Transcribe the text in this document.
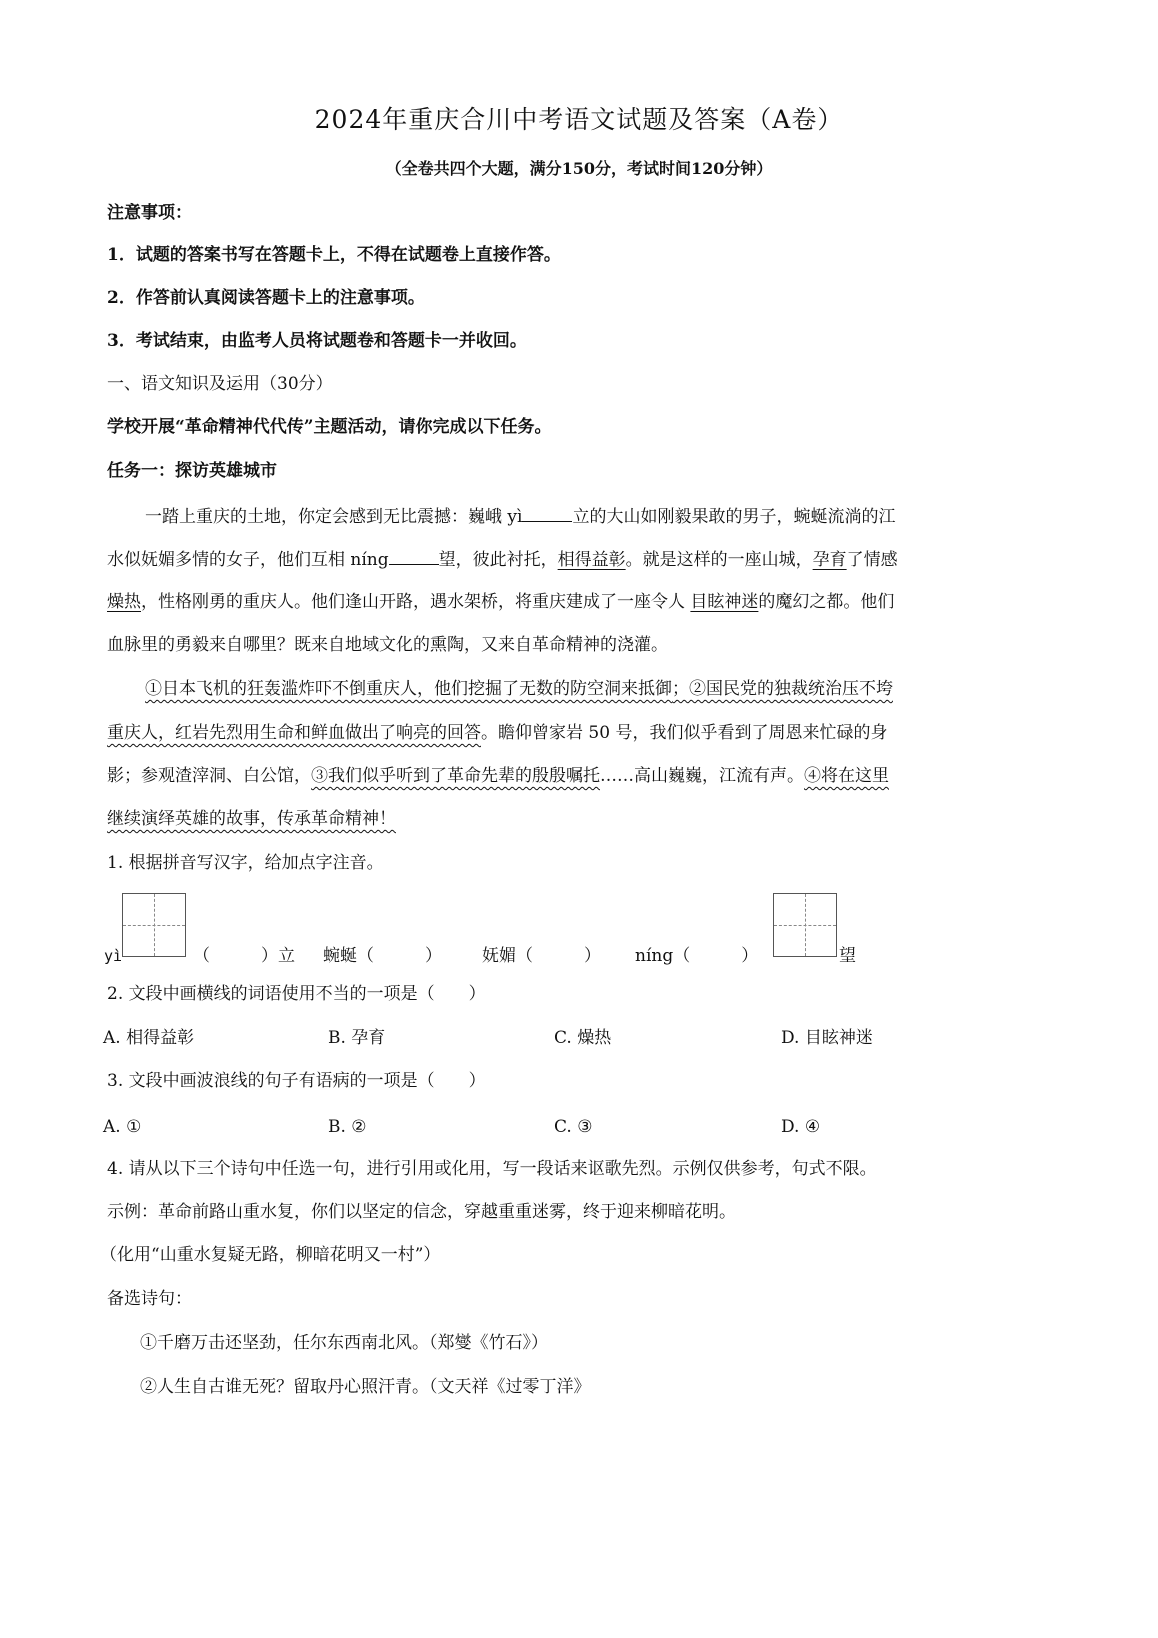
2024年重庆合川中考语文试题及答案（A卷）
（全卷共四个大题，满分150分，考试时间120分钟）
注意事项：
1．试题的答案书写在答题卡上，不得在试题卷上直接作答。
2．作答前认真阅读答题卡上的注意事项。
3．考试结束，由监考人员将试题卷和答题卡一并收回。
一、语文知识及运用（30分）
学校开展“革命精神代代传”主题活动，请你完成以下任务。
任务一：探访英雄城市
一踏上重庆的土地，你定会感到无比震撼：巍峨 yì	立的大山如刚毅果敢的男子，蜿蜒流淌的江
水似妩媚多情的女子，他们互相 níng	望，彼此衬托，相得益彰。就是这样的一座山城，孕育了情感
燥热，性格刚勇的重庆人。他们逢山开路，遇水架桥，将重庆建成了一座令人 目眩神迷的魔幻之都。他们
血脉里的勇毅来自哪里？既来自地域文化的熏陶，又来自革命精神的浇灌。
①日本飞机的狂轰滥炸吓不倒重庆人，他们挖掘了无数的防空洞来抵御；②国民党的独裁统治压不垮
重庆人，红岩先烈用生命和鲜血做出了响亮的回答。瞻仰曾家岩 50 号，我们似乎看到了周恩来忙碌的身
影；参观渣滓洞、白公馆，③我们似乎听到了革命先辈的殷殷嘱托……高山巍巍，江流有声。④将在这里
继续演绎英雄的故事，传承革命精神！
1. 根据拼音写汉字，给加点字注音。
yì	（　　　）立 蜿蜒（　　　） 妩媚（　　　） níng（　　　）	望
2. 文段中画横线的词语使用不当的一项是（　　）
A. 相得益彰	B. 孕育	C. 燥热	D. 目眩神迷
3. 文段中画波浪线的句子有语病的一项是（　　）
A. ①	B. ②	C. ③	D. ④
4. 请从以下三个诗句中任选一句，进行引用或化用，写一段话来讴歌先烈。示例仅供参考，句式不限。
示例：革命前路山重水复，你们以坚定的信念，穿越重重迷雾，终于迎来柳暗花明。
（化用“山重水复疑无路，柳暗花明又一村”）
备选诗句：
①千磨万击还坚劲，任尔东西南北风。（郑燮《竹石》）
②人生自古谁无死？留取丹心照汗青。（文天祥《过零丁洋》
